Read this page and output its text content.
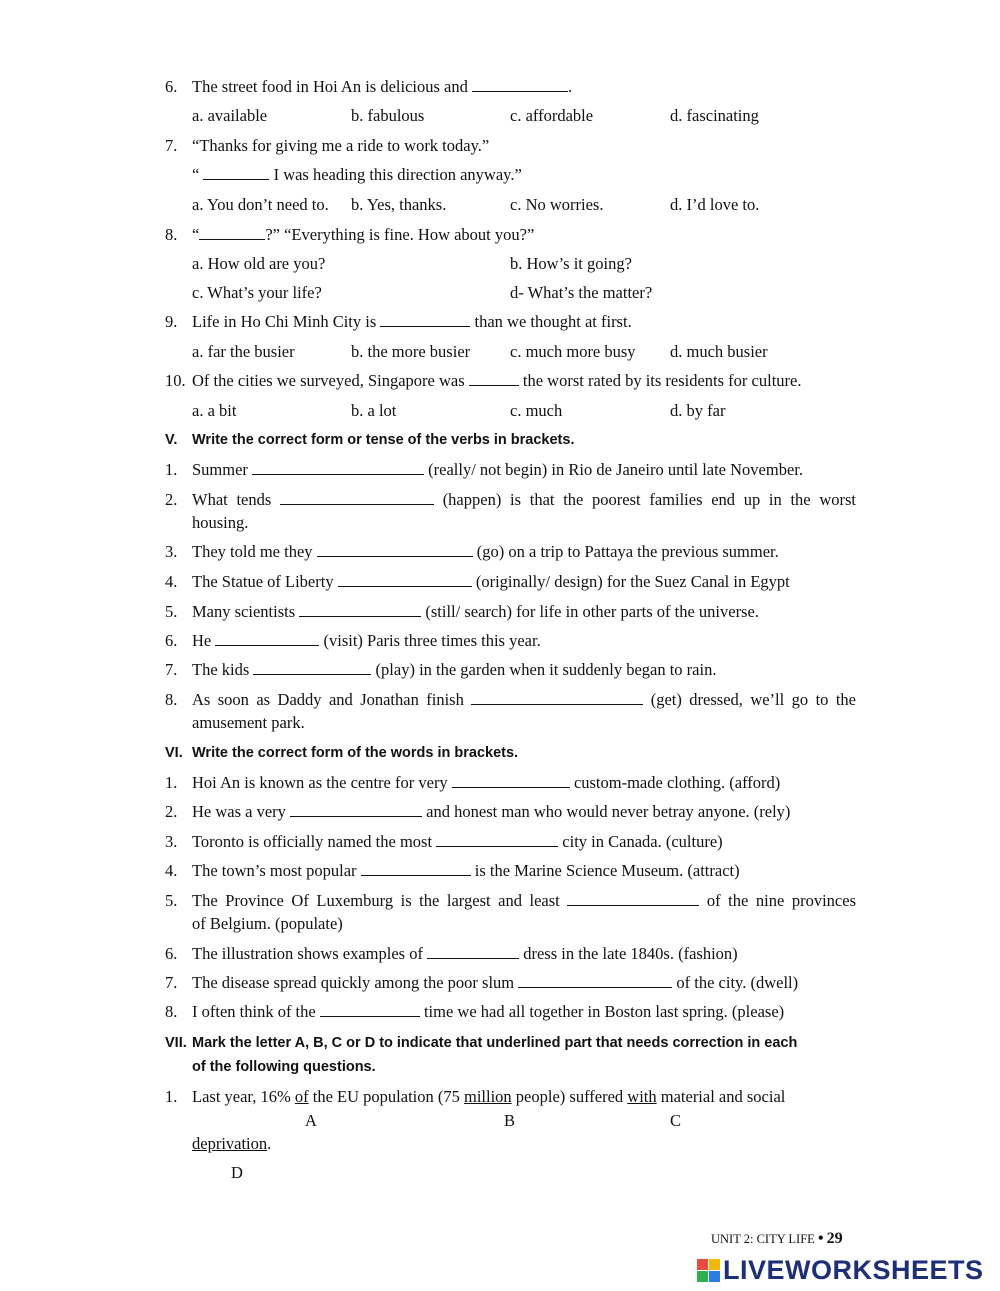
6. The street food in Hoi An is delicious and	.
a. available	b. fabulous	c. affordable	d. fascinating
7. “Thanks for giving me a ride to work today.”
“	I was heading this direction anyway.”
a. You don’t need to. b. Yes, thanks.	c. No worries.	d. I’d love to.
8. “	?” “Everything is fine. How about you?”
a. How old are you?	b. How’s it going?
c. What’s your life?	d- What’s the matter?
9. Life in Ho Chi Minh City is	than we thought at first.
a. far the busier	b. the more busier c. much more busy d. much busier
10. Of the cities we surveyed, Singapore was	the worst rated by its residents for culture.
a. a bit	b. a lot	c. much	d. by far
V. Write the correct form or tense of the verbs in brackets.
1. Summer	(really/ not begin) in Rio de Janeiro until late November.
2. What tends	(happen) is that the poorest families end up in the worst
housing.
3. They told me they	(go) on a trip to Pattaya the previous summer.
4. The Statue of Liberty	(originally/ design) for the Suez Canal in Egypt
5. Many scientists	(still/ search) for life in other parts of the universe.
6. He	(visit) Paris three times this year.
7. The kids	(play) in the garden when it suddenly began to rain.
8. As soon as Daddy and Jonathan finish	(get) dressed, we’ll go to the
amusement park.
VI. Write the correct form of the words in brackets.
1. Hoi An is known as the centre for very	custom-made clothing. (afford)
2. He was a very	and honest man who would never betray anyone. (rely)
3. Toronto is officially named the most	city in Canada. (culture)
4. The town’s most popular	is the Marine Science Museum. (attract)
5. The Province Of Luxemburg is the largest and least	of the nine provinces
of Belgium. (populate)
6. The illustration shows examples of	dress in the late 1840s. (fashion)
7. The disease spread quickly among the poor slum	of the city. (dwell)
8. I often think of the	time we had all together in Boston last spring. (please)
VII. Mark the letter A, B, C or D to indicate that underlined part that needs correction in each
of the following questions.
1. Last year, 16% of the EU population (75 million people) suffered with material and social
A	B	C
deprivation.
D
UNIT 2: CITY LIFE • 29
LIVEWORKSHEETS
